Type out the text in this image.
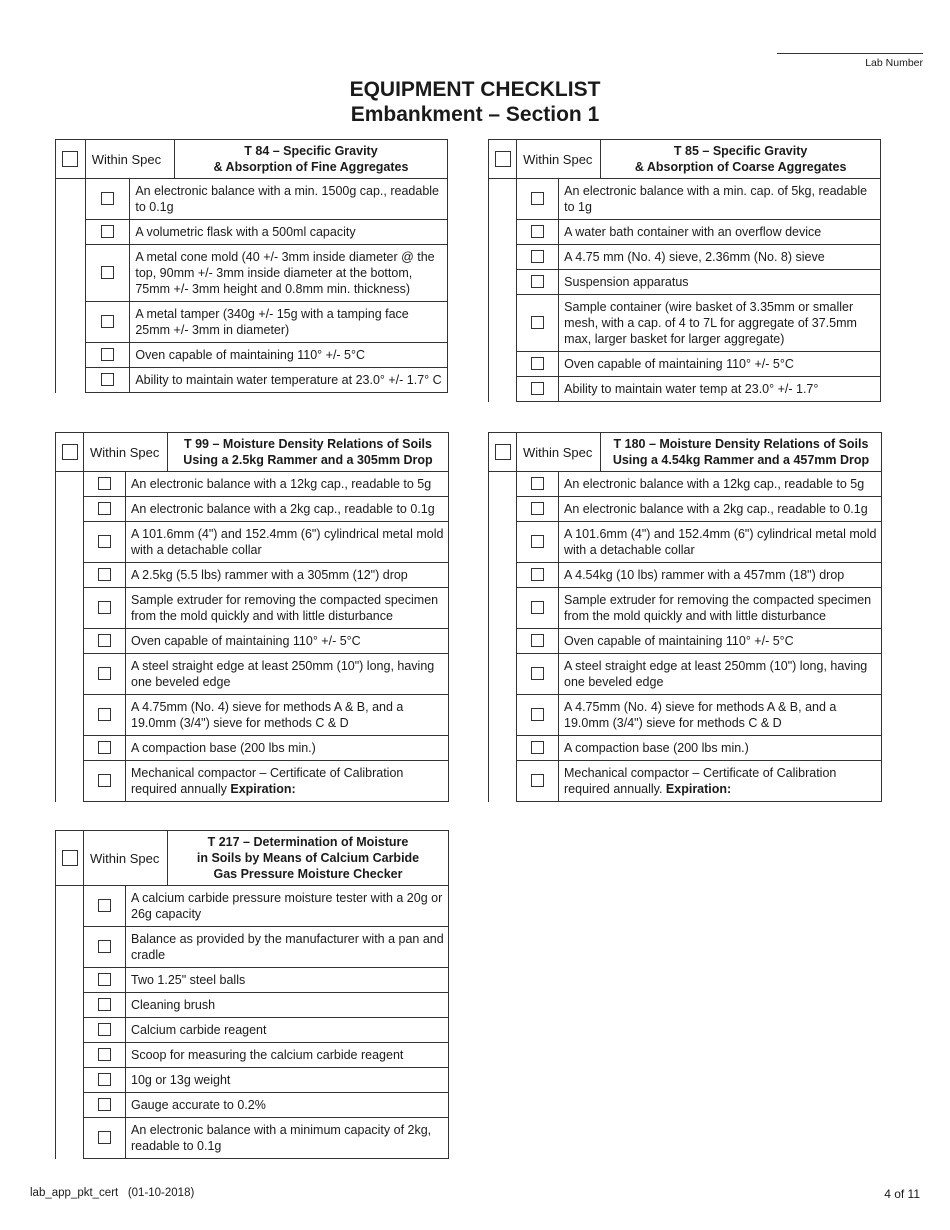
Lab Number
EQUIPMENT CHECKLIST
Embankment – Section 1
	Within Spec		T 84 – Specific Gravity
& Absorption of Fine Aggregates

		An electronic balance with a min. 1500g cap., readable to 0.1g	
		A volumetric flask with a 500ml capacity	
		A metal cone mold (40 +/- 3mm inside diameter @ the top, 90mm +/- 3mm inside diameter at the bottom, 75mm +/- 3mm height and 0.8mm min. thickness)	
		A metal tamper (340g +/- 15g with a tamping face 25mm +/- 3mm in diameter)	
		Oven capable of maintaining 110° +/- 5°C	
		Ability to maintain water temperature at 23.0° +/- 1.7° C	
	Within Spec		T 85 – Specific Gravity
& Absorption of Coarse Aggregates

		An electronic balance with a min. cap. of 5kg, readable to 1g	
		A water bath container with an overflow device	
		A 4.75 mm (No. 4) sieve, 2.36mm (No. 8) sieve	
		Suspension apparatus	
		Sample container (wire basket of 3.35mm or smaller mesh, with a cap. of 4 to 7L for aggregate of 37.5mm max, larger basket for larger aggregate)	
		Oven capable of maintaining 110° +/- 5°C	
		Ability to maintain water temp at 23.0° +/- 1.7°	
	Within Spec		T 99 – Moisture Density Relations of Soils
Using a 2.5kg Rammer and a 305mm Drop

		An electronic balance with a 12kg cap., readable to 5g	
		An electronic balance with a 2kg cap., readable to 0.1g	
		A 101.6mm (4") and 152.4mm (6") cylindrical metal mold with a detachable collar	
		A 2.5kg (5.5 lbs) rammer with a 305mm (12") drop	
		Sample extruder for removing the compacted specimen from the mold quickly and with little disturbance	
		Oven capable of maintaining 110° +/- 5°C	
		A steel straight edge at least 250mm (10") long, having one beveled edge	
		A 4.75mm (No. 4) sieve for methods A & B, and a 19.0mm (3/4") sieve for methods C & D	
		A compaction base (200 lbs min.)	
		Mechanical compactor – Certificate of Calibration required annually Expiration:	
	Within Spec		T 180 – Moisture Density Relations of Soils
Using a 4.54kg Rammer and a 457mm Drop

		An electronic balance with a 12kg cap., readable to 5g	
		An electronic balance with a 2kg cap., readable to 0.1g	
		A 101.6mm (4") and 152.4mm (6") cylindrical metal mold with a detachable collar	
		A 4.54kg (10 lbs) rammer with a 457mm (18") drop	
		Sample extruder for removing the compacted specimen from the mold quickly and with little disturbance	
		Oven capable of maintaining 110° +/- 5°C	
		A steel straight edge at least 250mm (10") long, having one beveled edge	
		A 4.75mm (No. 4) sieve for methods A & B, and a 19.0mm (3/4") sieve for methods C & D	
		A compaction base (200 lbs min.)	
		Mechanical compactor – Certificate of Calibration required annually. Expiration:	
	Within Spec		T 217 – Determination of Moisture
in Soils by Means of Calcium Carbide
Gas Pressure Moisture Checker

		A calcium carbide pressure moisture tester with a 20g or 26g capacity	
		Balance as provided by the manufacturer with a pan and cradle	
		Two 1.25" steel balls	
		Cleaning brush	
		Calcium carbide reagent	
		Scoop for measuring the calcium carbide reagent	
		10g or 13g weight	
		Gauge accurate to 0.2%	
		An electronic balance with a minimum capacity of 2kg, readable to 0.1g	
lab_app_pkt_cert   (01-10-2018)	4 of 11
